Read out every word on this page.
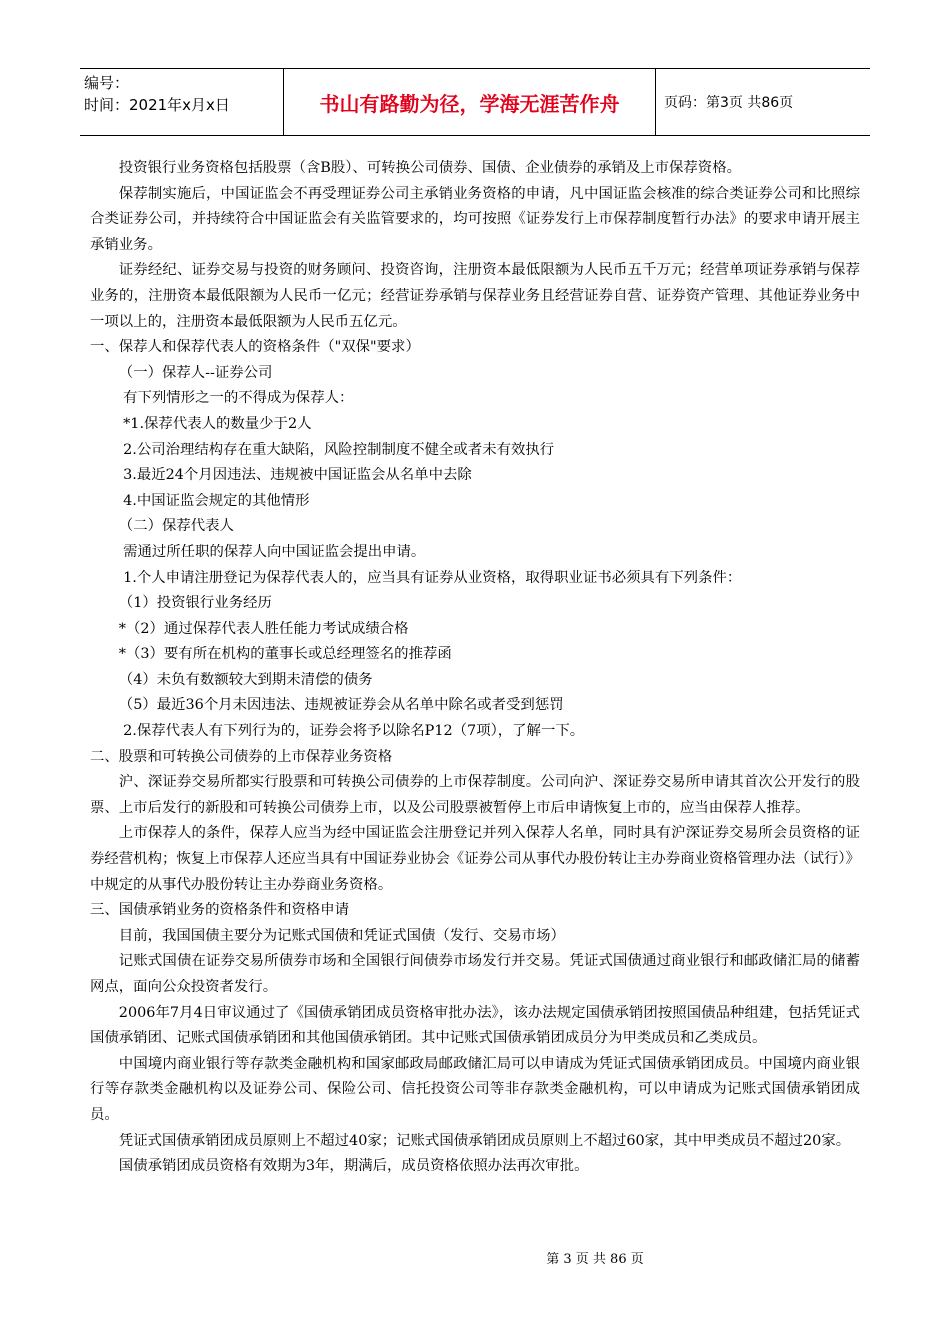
编号：
时间：2021年x月x日	书山有路勤为径，学海无涯苦作舟	页码：第3页 共86页

投资银行业务资格包括股票（含B股）、可转换公司债券、国债、企业债券的承销及上市保荐资格。

保荐制实施后，中国证监会不再受理证券公司主承销业务资格的申请，凡中国证监会核准的综合类证券公司和比照综合类证券公司，并持续符合中国证监会有关监管要求的，均可按照《证券发行上市保荐制度暂行办法》的要求申请开展主承销业务。

证券经纪、证券交易与投资的财务顾问、投资咨询，注册资本最低限额为人民币五千万元；经营单项证券承销与保荐业务的，注册资本最低限额为人民币一亿元；经营证券承销与保荐业务且经营证券自营、证券资产管理、其他证券业务中一项以上的，注册资本最低限额为人民币五亿元。

一、保荐人和保荐代表人的资格条件（"双保"要求）

（一）保荐人--证券公司

有下列情形之一的不得成为保荐人：

*1.保荐代表人的数量少于2人

2.公司治理结构存在重大缺陷，风险控制制度不健全或者未有效执行

3.最近24个月因违法、违规被中国证监会从名单中去除

4.中国证监会规定的其他情形

（二）保荐代表人

需通过所任职的保荐人向中国证监会提出申请。

1.个人申请注册登记为保荐代表人的，应当具有证券从业资格，取得职业证书必须具有下列条件：

（1）投资银行业务经历

*（2）通过保荐代表人胜任能力考试成绩合格

*（3）要有所在机构的董事长或总经理签名的推荐函

（4）未负有数额较大到期未清偿的债务

（5）最近36个月未因违法、违规被证券会从名单中除名或者受到惩罚

2.保荐代表人有下列行为的，证券会将予以除名P12（7项），了解一下。

二、股票和可转换公司债券的上市保荐业务资格

沪、深证券交易所都实行股票和可转换公司债券的上市保荐制度。公司向沪、深证券交易所申请其首次公开发行的股票、上市后发行的新股和可转换公司债券上市，以及公司股票被暂停上市后申请恢复上市的，应当由保荐人推荐。

上市保荐人的条件，保荐人应当为经中国证监会注册登记并列入保荐人名单，同时具有沪深证券交易所会员资格的证券经营机构；恢复上市保荐人还应当具有中国证券业协会《证券公司从事代办股份转让主办券商业资格管理办法（试行）》中规定的从事代办股份转让主办券商业务资格。

三、国债承销业务的资格条件和资格申请

目前，我国国债主要分为记账式国债和凭证式国债（发行、交易市场）

记账式国债在证券交易所债券市场和全国银行间债券市场发行并交易。凭证式国债通过商业银行和邮政储汇局的储蓄网点，面向公众投资者发行。

2006年7月4日审议通过了《国债承销团成员资格审批办法》，该办法规定国债承销团按照国债品种组建，包括凭证式国债承销团、记账式国债承销团和其他国债承销团。其中记账式国债承销团成员分为甲类成员和乙类成员。

中国境内商业银行等存款类金融机构和国家邮政局邮政储汇局可以申请成为凭证式国债承销团成员。中国境内商业银行等存款类金融机构以及证券公司、保险公司、信托投资公司等非存款类金融机构，可以申请成为记账式国债承销团成员。

凭证式国债承销团成员原则上不超过40家；记账式国债承销团成员原则上不超过60家，其中甲类成员不超过20家。

国债承销团成员资格有效期为3年，期满后，成员资格依照办法再次审批。

第 3 页 共 86 页
